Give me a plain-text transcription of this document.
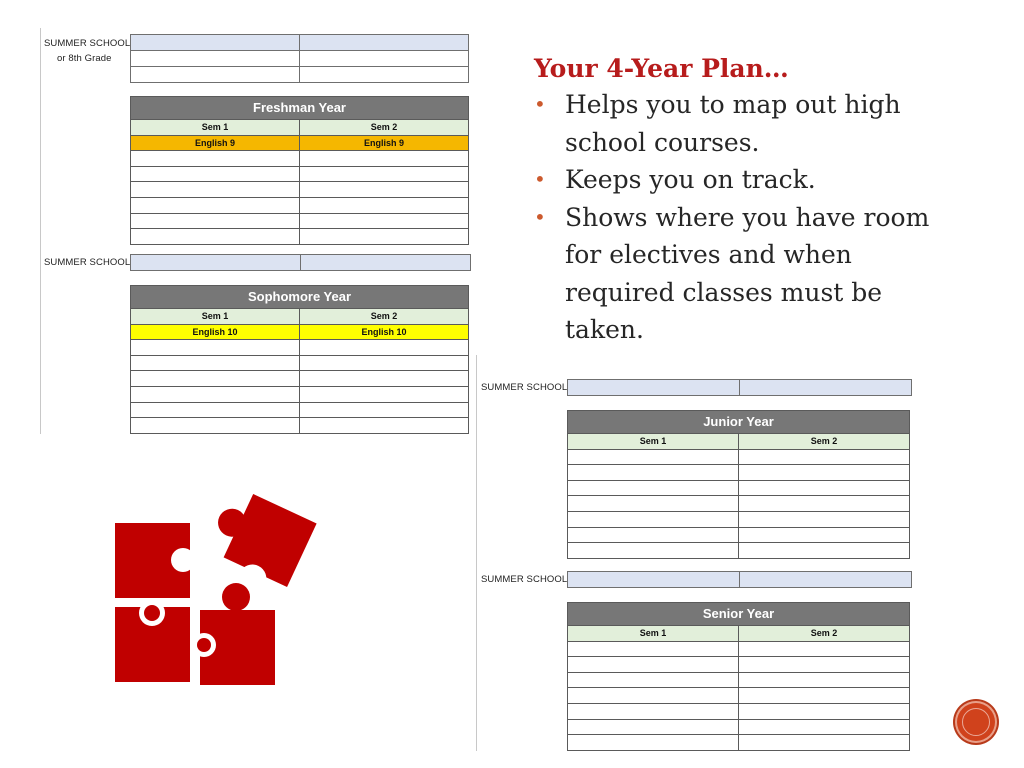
SUMMER SCHOOL
or 8th Grade
Freshman Year
Sem 1	Sem 2
English 9	English 9
SUMMER SCHOOL
Sophomore Year
Sem 1	Sem 2
English 10	English 10
Your 4-Year Plan…
• Helps you to map out high
school courses.
• Keeps you on track.
• Shows where you have room
for electives and when
required classes must be
taken.
SUMMER SCHOOL
Junior Year
Sem 1	Sem 2
SUMMER SCHOOL
Senior Year
Sem 1	Sem 2
